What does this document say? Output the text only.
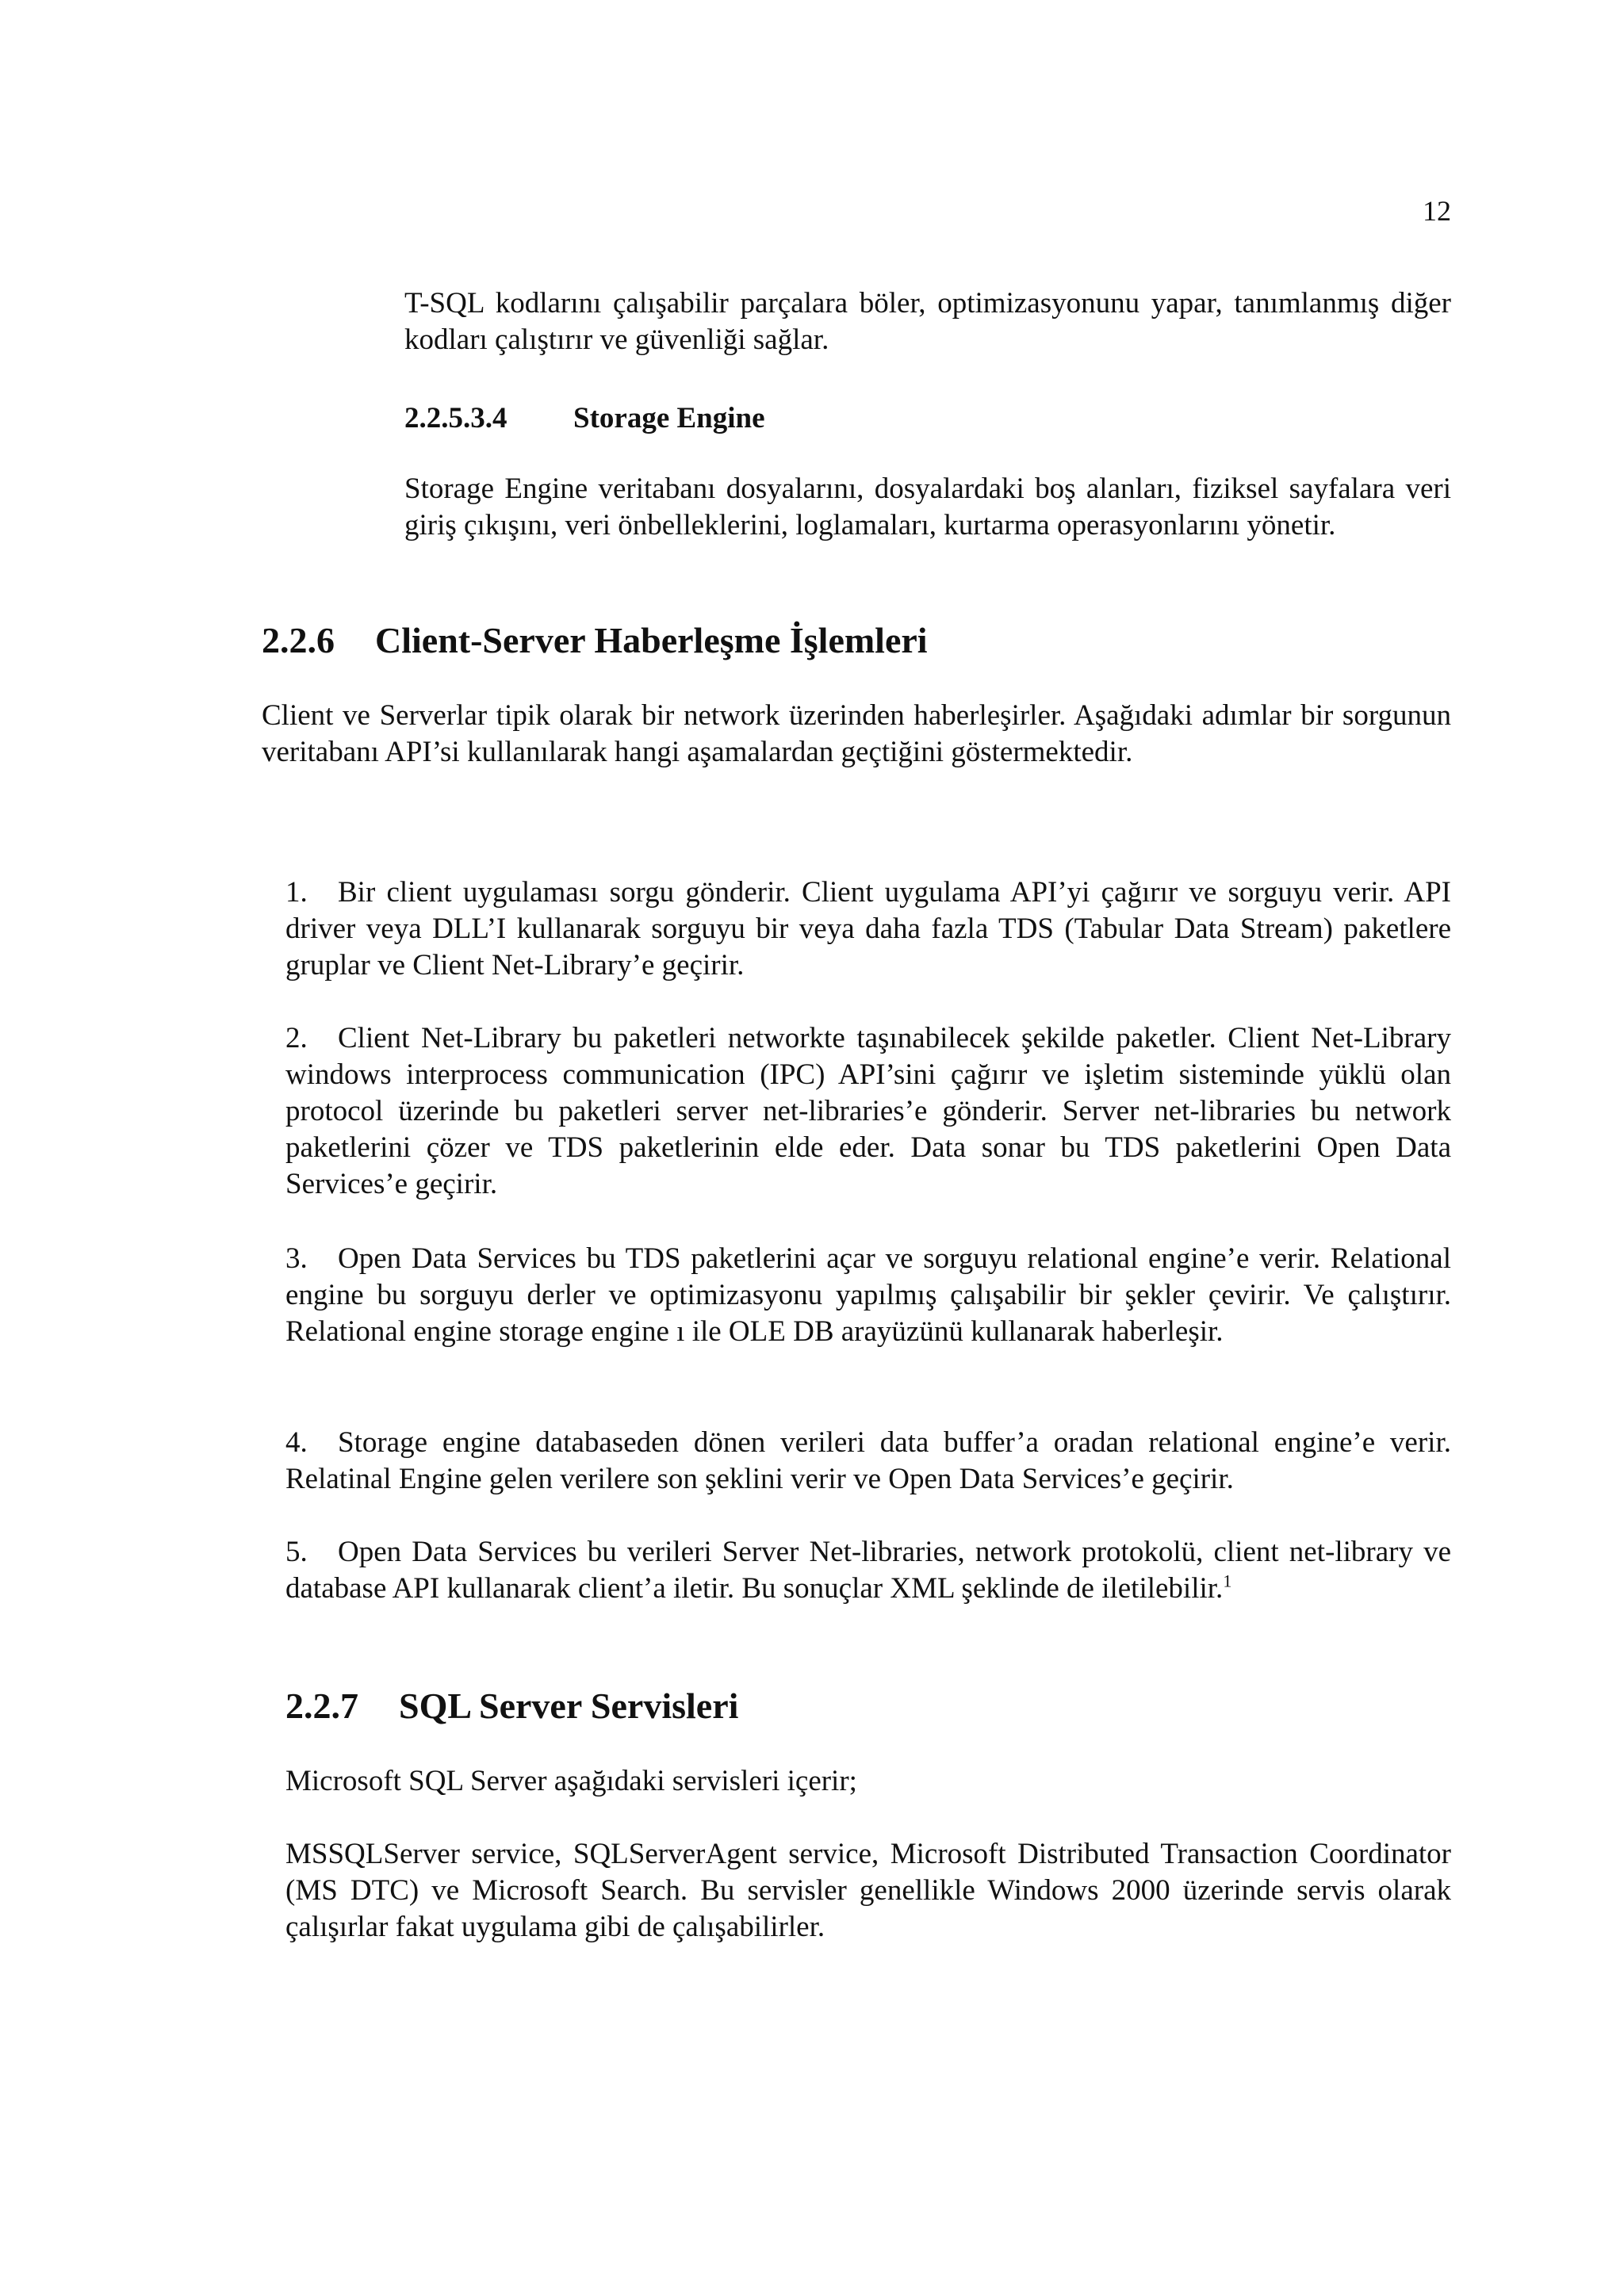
12

T-SQL kodlarını çalışabilir parçalara böler, optimizasyonunu yapar, tanımlanmış diğer kodları çalıştırır ve güvenliği sağlar.

2.2.5.3.4 Storage Engine

Storage Engine veritabanı dosyalarını, dosyalardaki boş alanları, fiziksel sayfalara veri giriş çıkışını, veri önbelleklerini, loglamaları, kurtarma operasyonlarını yönetir.

2.2.6 Client-Server Haberleşme İşlemleri

Client ve Serverlar tipik olarak bir network üzerinden haberleşirler. Aşağıdaki adımlar bir sorgunun veritabanı API’si kullanılarak hangi aşamalardan geçtiğini göstermektedir.

1. Bir client uygulaması sorgu gönderir. Client uygulama API’yi çağırır ve sorguyu verir. API driver veya DLL’I kullanarak sorguyu bir veya daha fazla TDS (Tabular Data Stream) paketlere gruplar ve Client Net-Library’e geçirir.

2. Client Net-Library bu paketleri networkte taşınabilecek şekilde paketler. Client Net-Library windows interprocess communication (IPC) API’sini çağırır ve işletim sisteminde yüklü olan protocol üzerinde bu paketleri server net-libraries’e gönderir. Server net-libraries bu network paketlerini çözer ve TDS paketlerinin elde eder. Data sonar bu TDS paketlerini Open Data Services’e geçirir.

3. Open Data Services bu TDS paketlerini açar ve sorguyu relational engine’e verir. Relational engine bu sorguyu derler ve optimizasyonu yapılmış çalışabilir bir şekler çevirir. Ve çalıştırır. Relational engine storage engine ı ile OLE DB arayüzünü kullanarak haberleşir.

4. Storage engine databaseden dönen verileri data buffer’a oradan relational engine’e verir. Relatinal Engine gelen verilere son şeklini verir ve Open Data Services’e geçirir.

5. Open Data Services bu verileri Server Net-libraries, network protokolü, client net-library ve database API kullanarak client’a iletir. Bu sonuçlar XML şeklinde de iletilebilir.$^1$

2.2.7 SQL Server Servisleri

Microsoft SQL Server aşağıdaki servisleri içerir;

MSSQLServer service, SQLServerAgent service, Microsoft Distributed Transaction Coordinator (MS DTC) ve Microsoft Search. Bu servisler genellikle Windows 2000 üzerinde servis olarak çalışırlar fakat uygulama gibi de çalışabilirler.
